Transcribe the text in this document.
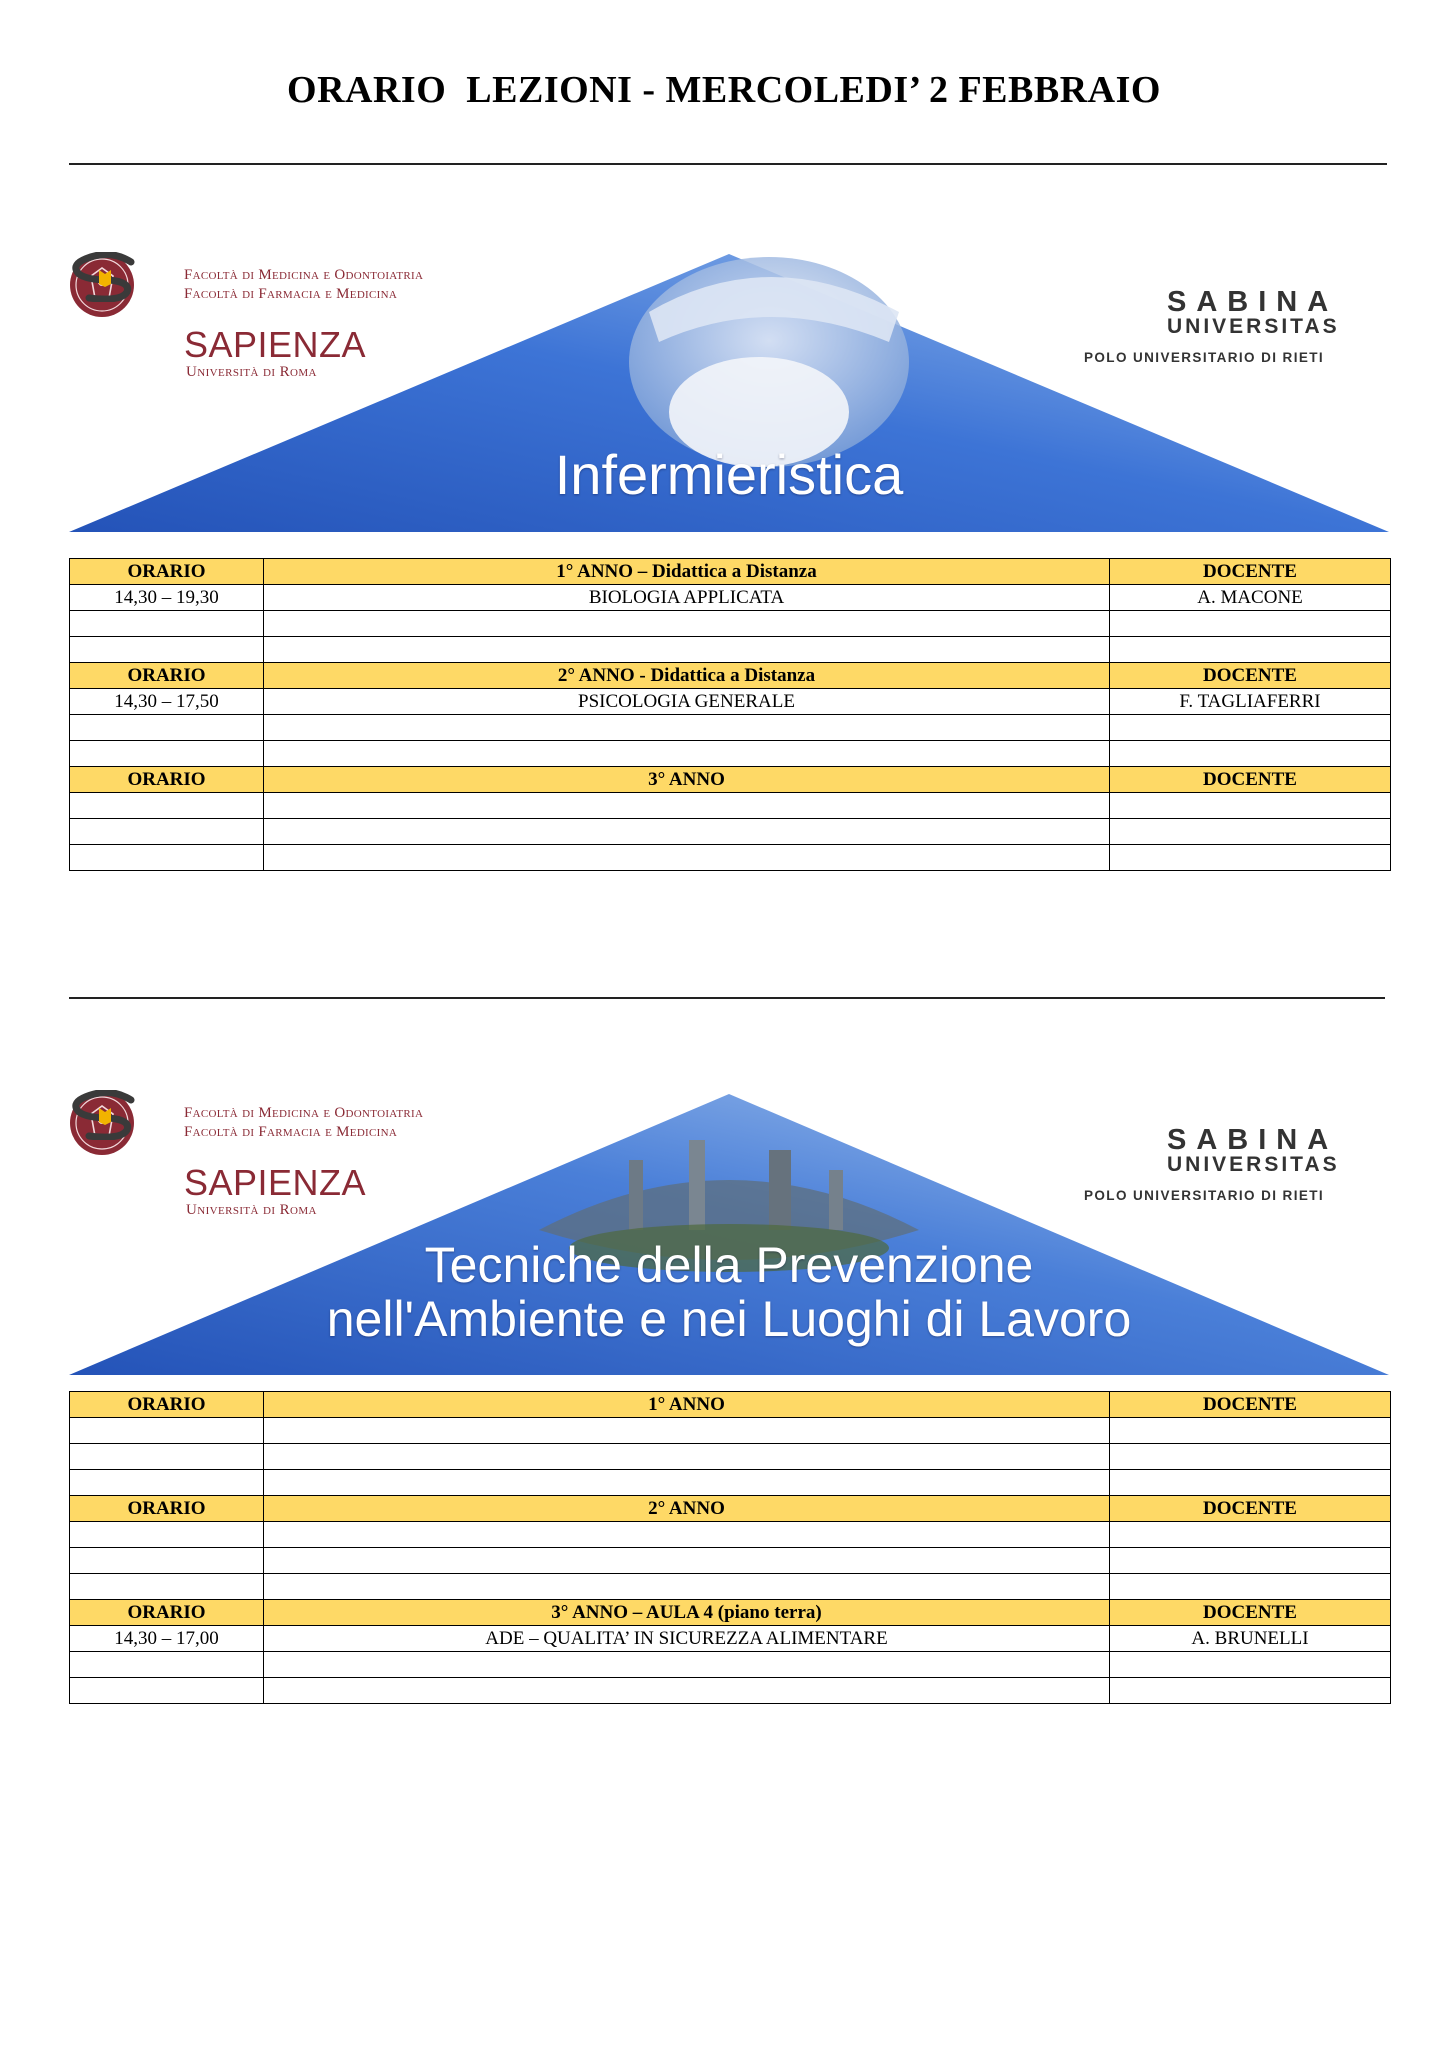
ORARIO  LEZIONI - MERCOLEDI’ 2 FEBBRAIO
Facoltà di Medicina e Odontoiatria
Facoltà di Farmacia e Medicina
SAPIENZA
Università di Roma
SABINA
UNIVERSITAS
POLO UNIVERSITARIO DI RIETI
Infermieristica
ORARIO	1° ANNO – Didattica a Distanza	DOCENTE
14,30 – 19,30	BIOLOGIA APPLICATA	A. MACONE

ORARIO	2° ANNO - Didattica a Distanza	DOCENTE
14,30 – 17,50	PSICOLOGIA GENERALE	F. TAGLIAFERRI

ORARIO	3° ANNO	DOCENTE

Facoltà di Medicina e Odontoiatria
Facoltà di Farmacia e Medicina
SAPIENZA
Università di Roma
SABINA
UNIVERSITAS
POLO UNIVERSITARIO DI RIETI
Tecniche della Prevenzione
nell'Ambiente e nei Luoghi di Lavoro
ORARIO	1° ANNO	DOCENTE

ORARIO	2° ANNO	DOCENTE

ORARIO	3° ANNO – AULA 4 (piano terra)	DOCENTE
14,30 – 17,00	ADE – QUALITA’ IN SICUREZZA ALIMENTARE	A. BRUNELLI
